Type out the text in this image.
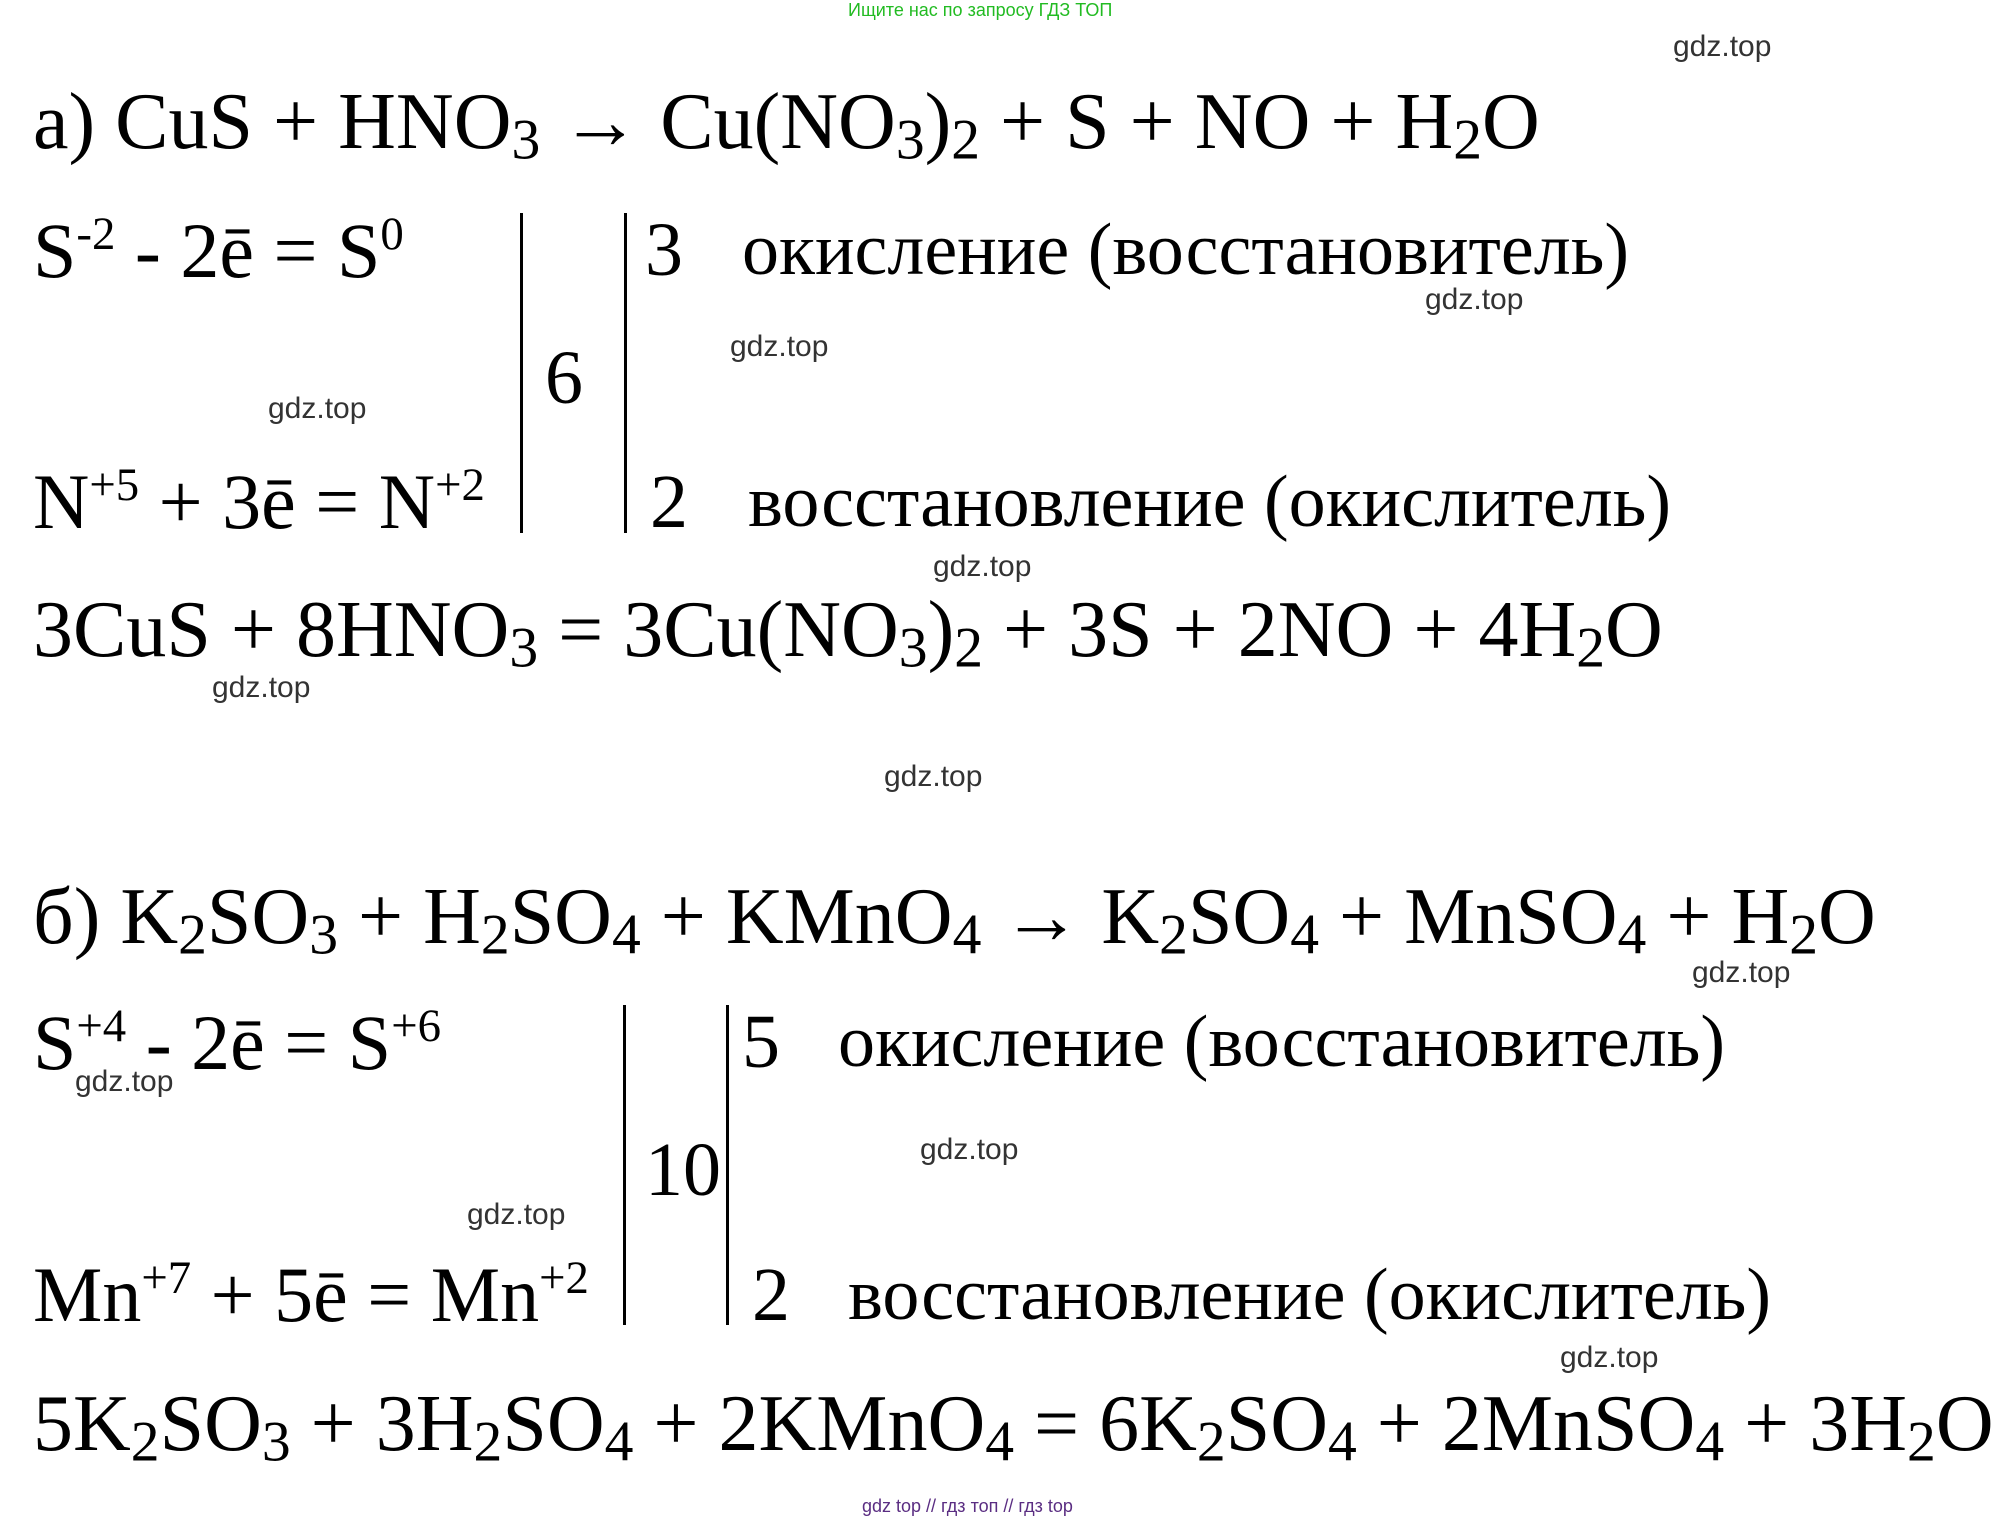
Ищите нас по запросу ГДЗ ТОП
gdz top // гдз топ // гдз top
а) CuS + $HNO_3 \to Cu(NO_3)_2 + S$ + NO + $H_2O$
$S^{-2}$ - 2ē = $S^0$
$N^{+5}$ + 3ē = $N^{+2}$
6
3 окисление (восстановитель)
2 восстановление (окислитель)
$3CuS + 8HNO_3 = 3Cu(NO_3)_2 + 3S + 2NO + 4H_2O$
б) $K_2SO_3 + H_2SO_4$ + KMnO$_4$ → $K_2SO_4$ + MnSO$_4$ + $H_2O$
$S^{+4}$ - 2ē = $S^{+6}$
$Mn^{+7}$ + 5ē = $Mn^{+2}$
10
5 окисление (восстановитель)
2 восстановление (окислитель)
$5K_2SO_3 + 3H_2SO_4$ + 2KMnO$_4$ = $6K_2SO_4$ + 2MnSO$_4$ + $3H_2O$
gdz.top
gdz.top
gdz.top
gdz.top
gdz.top
gdz.top
gdz.top
gdz.top
gdz.top
gdz.top
gdz.top
gdz.top
